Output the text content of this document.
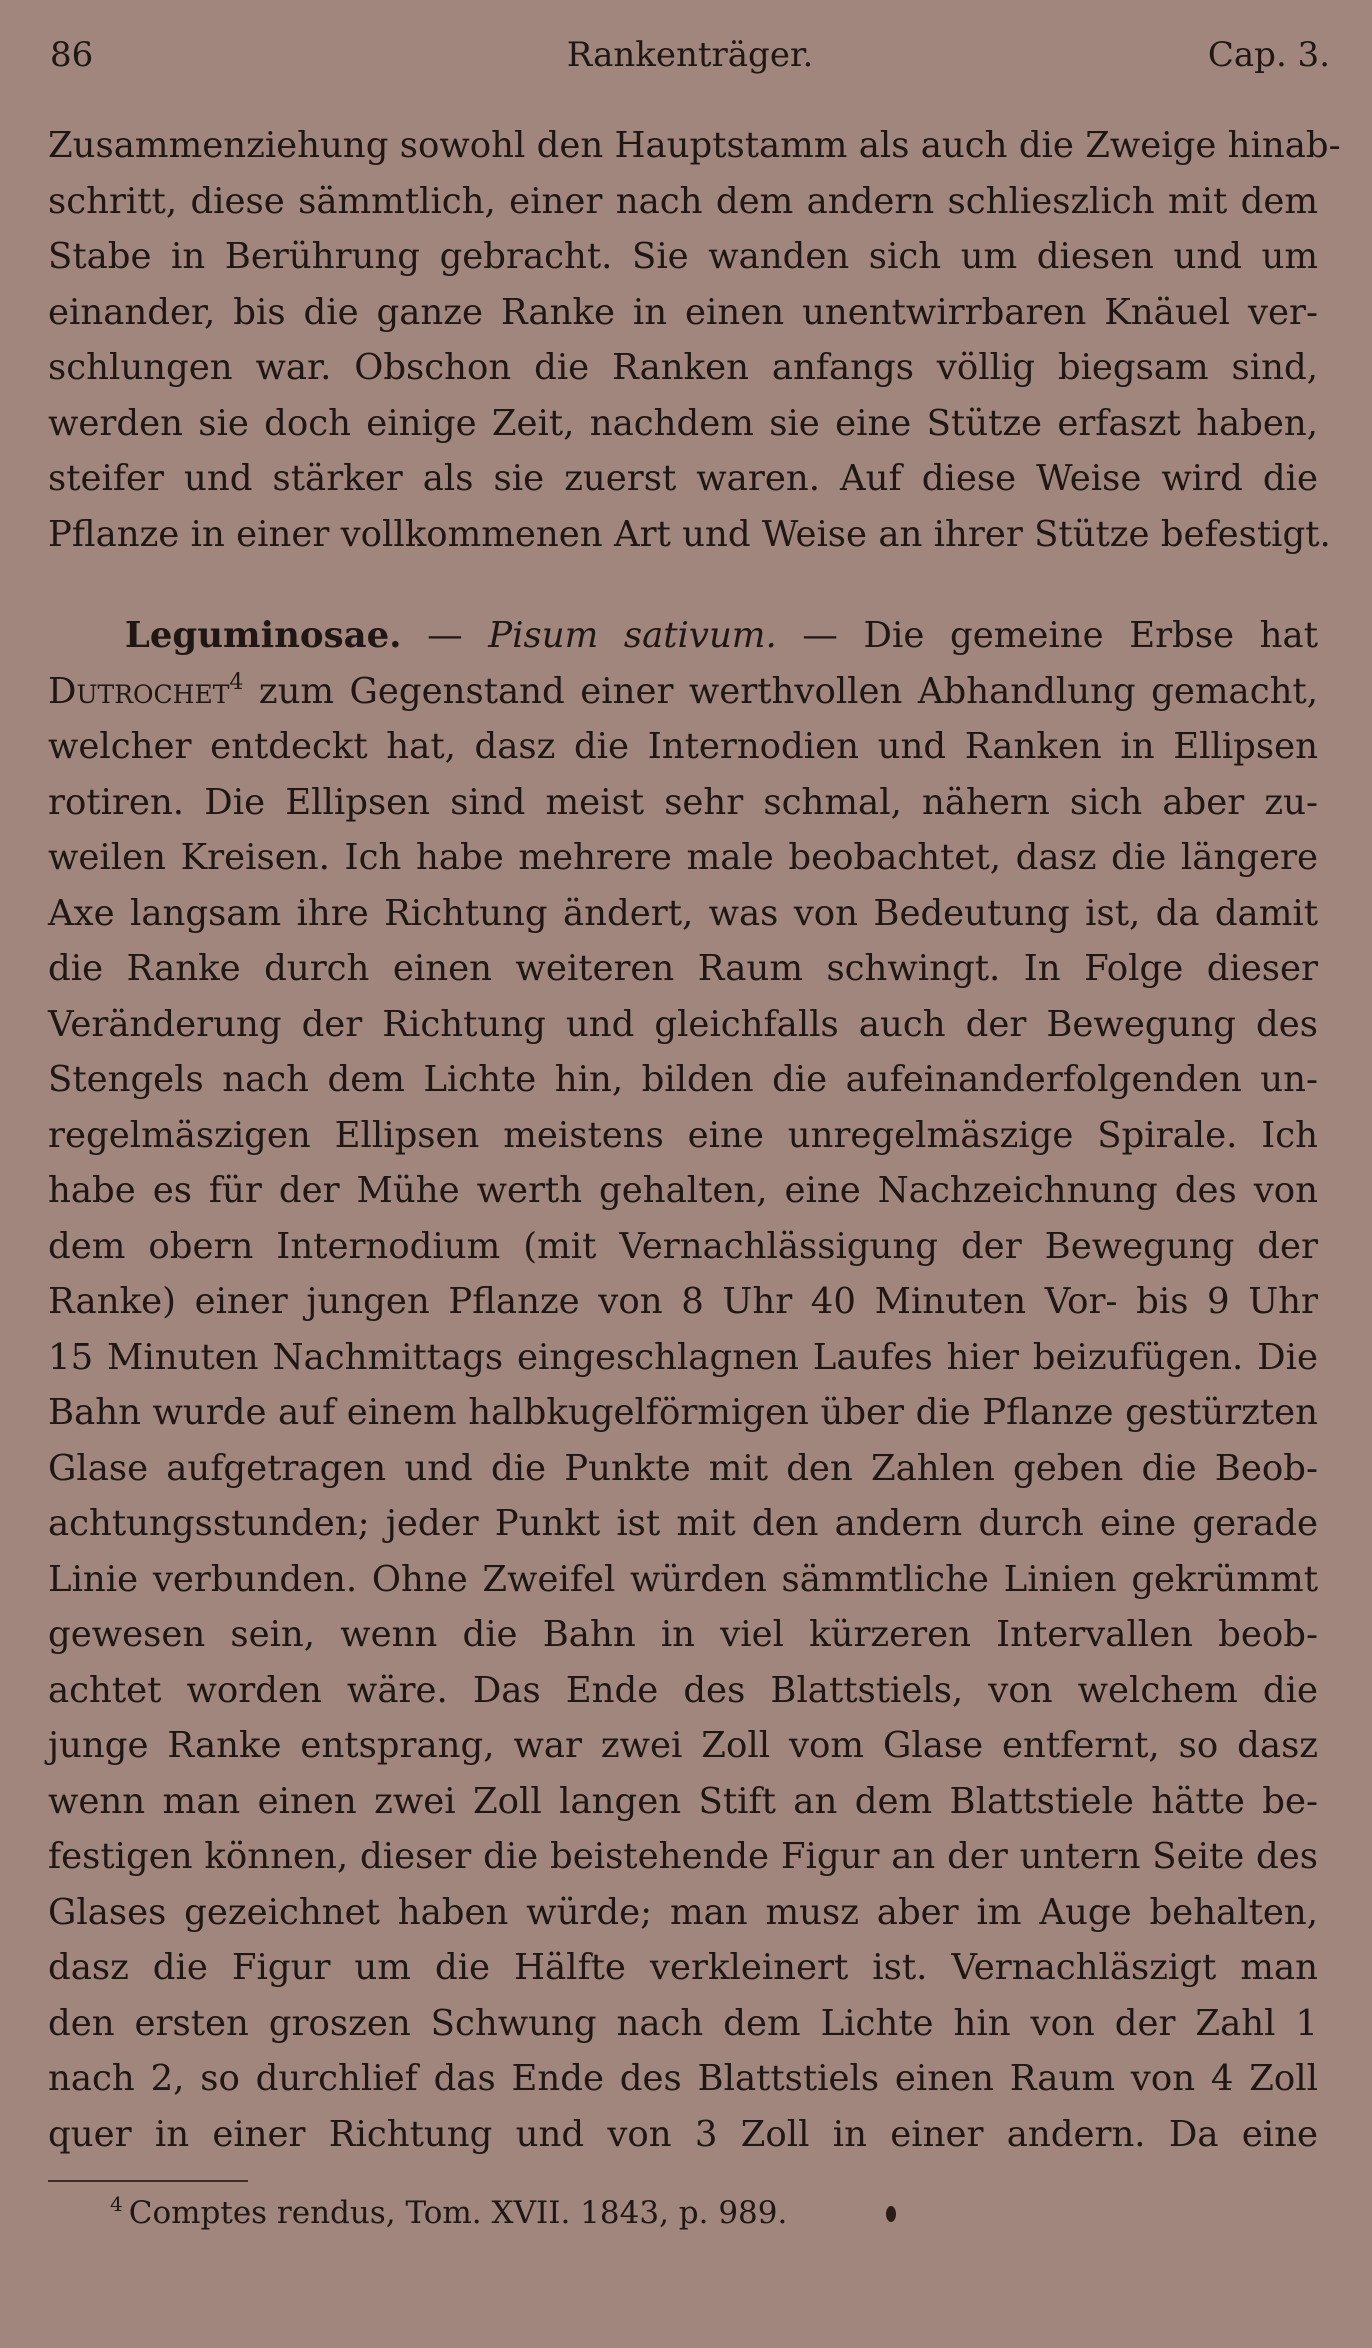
86	Rankenträger.	Cap. 3.
Zusammenziehung sowohl den Hauptstamm als auch die Zweige hinab-
schritt, diese sämmtlich, einer nach dem andern schlieszlich mit dem
Stabe in Berührung gebracht. Sie wanden sich um diesen und um
einander, bis die ganze Ranke in einen unentwirrbaren Knäuel ver-
schlungen war. Obschon die Ranken anfangs völlig biegsam sind,
werden sie doch einige Zeit, nachdem sie eine Stütze erfaszt haben,
steifer und stärker als sie zuerst waren. Auf diese Weise wird die
Pflanze in einer vollkommenen Art und Weise an ihrer Stütze befestigt.
Leguminosae. — Pisum sativum. — Die gemeine Erbse hat
Dutrochet$^4$ zum Gegenstand einer werthvollen Abhandlung gemacht,
welcher entdeckt hat, dasz die Internodien und Ranken in Ellipsen
rotiren. Die Ellipsen sind meist sehr schmal, nähern sich aber zu-
weilen Kreisen. Ich habe mehrere male beobachtet, dasz die längere
Axe langsam ihre Richtung ändert, was von Bedeutung ist, da damit
die Ranke durch einen weiteren Raum schwingt. In Folge dieser
Veränderung der Richtung und gleichfalls auch der Bewegung des
Stengels nach dem Lichte hin, bilden die aufeinanderfolgenden un-
regelmäszigen Ellipsen meistens eine unregelmäszige Spirale. Ich
habe es für der Mühe werth gehalten, eine Nachzeichnung des von
dem obern Internodium (mit Vernachlässigung der Bewegung der
Ranke) einer jungen Pflanze von 8 Uhr 40 Minuten Vor- bis 9 Uhr
15 Minuten Nachmittags eingeschlagnen Laufes hier beizufügen. Die
Bahn wurde auf einem halbkugelförmigen über die Pflanze gestürzten
Glase aufgetragen und die Punkte mit den Zahlen geben die Beob-
achtungsstunden; jeder Punkt ist mit den andern durch eine gerade
Linie verbunden. Ohne Zweifel würden sämmtliche Linien gekrümmt
gewesen sein, wenn die Bahn in viel kürzeren Intervallen beob-
achtet worden wäre. Das Ende des Blattstiels, von welchem die
junge Ranke entsprang, war zwei Zoll vom Glase entfernt, so dasz
wenn man einen zwei Zoll langen Stift an dem Blattstiele hätte be-
festigen können, dieser die beistehende Figur an der untern Seite des
Glases gezeichnet haben würde; man musz aber im Auge behalten,
dasz die Figur um die Hälfte verkleinert ist. Vernachläszigt man
den ersten groszen Schwung nach dem Lichte hin von der Zahl 1
nach 2, so durchlief das Ende des Blattstiels einen Raum von 4 Zoll
quer in einer Richtung und von 3 Zoll in einer andern. Da eine
$^4$ Comptes rendus, Tom. XVII. 1843, p. 989.
